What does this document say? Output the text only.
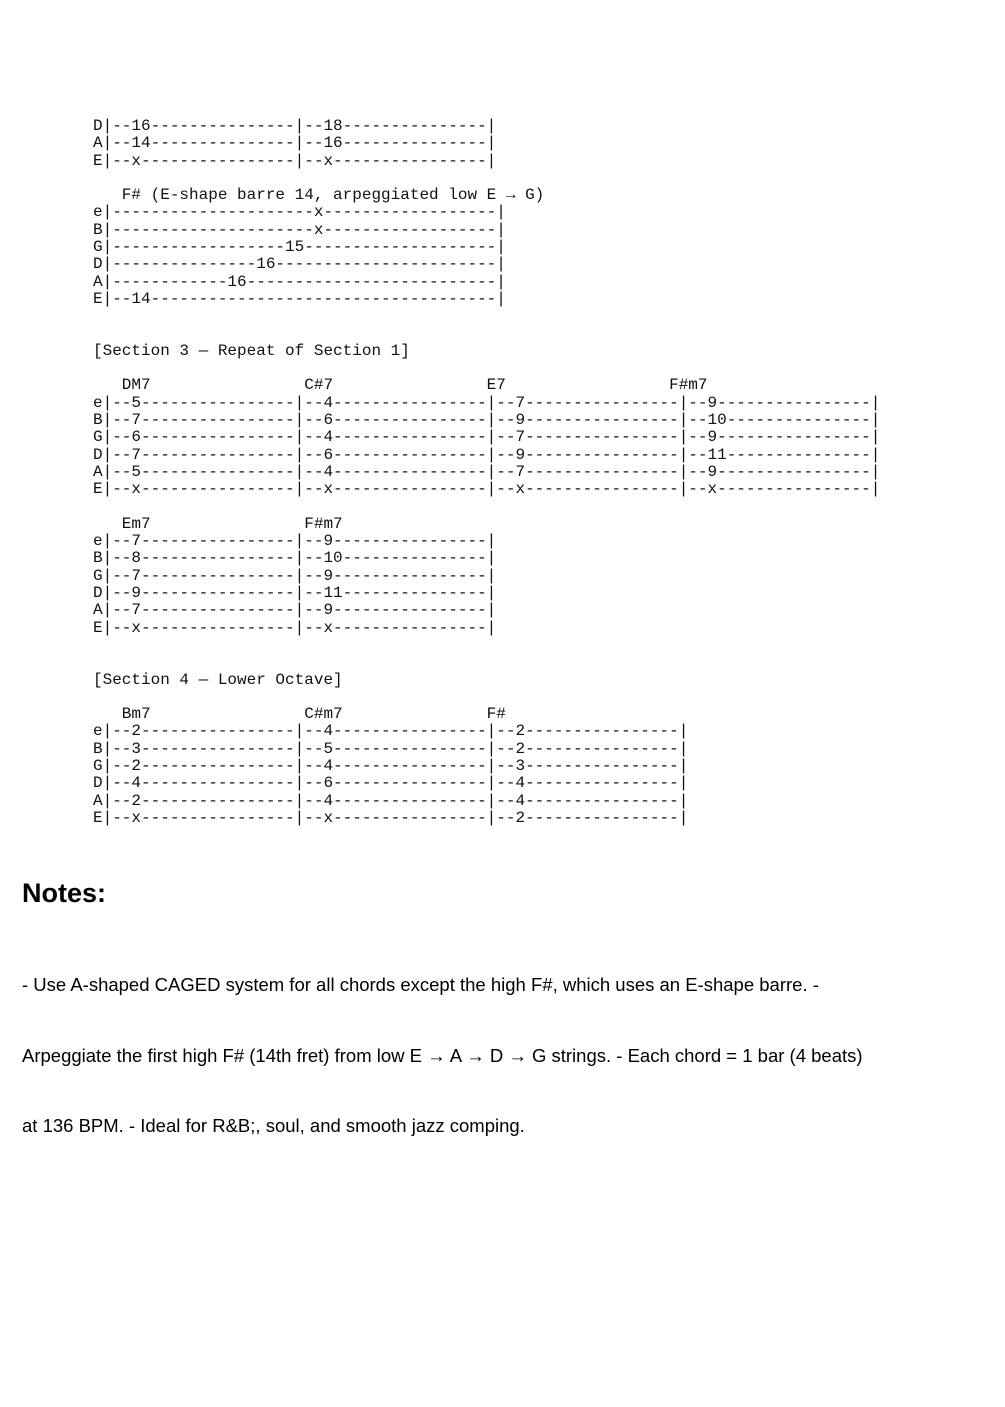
D|--16---------------|--18---------------|
A|--14---------------|--16---------------|
E|--x----------------|--x----------------|
F# (E-shape barre 14, arpeggiated low E → G)
e|---------------------x------------------|
B|---------------------x------------------|
G|------------------15--------------------|
D|---------------16-----------------------|
A|------------16--------------------------|
E|--14------------------------------------|
[Section 3 — Repeat of Section 1]
DM7                C#7                E7                 F#m7
e|--5----------------|--4----------------|--7----------------|--9----------------|
B|--7----------------|--6----------------|--9----------------|--10---------------|
G|--6----------------|--4----------------|--7----------------|--9----------------|
D|--7----------------|--6----------------|--9----------------|--11---------------|
A|--5----------------|--4----------------|--7----------------|--9----------------|
E|--x----------------|--x----------------|--x----------------|--x----------------|
Em7                F#m7
e|--7----------------|--9----------------|
B|--8----------------|--10---------------|
G|--7----------------|--9----------------|
D|--9----------------|--11---------------|
A|--7----------------|--9----------------|
E|--x----------------|--x----------------|
[Section 4 — Lower Octave]
Bm7                C#m7               F#
e|--2----------------|--4----------------|--2----------------|
B|--3----------------|--5----------------|--2----------------|
G|--2----------------|--4----------------|--3----------------|
D|--4----------------|--6----------------|--4----------------|
A|--2----------------|--4----------------|--4----------------|
E|--x----------------|--x----------------|--2----------------|
Notes:

- Use A-shaped CAGED system for all chords except the high F#, which uses an E-shape barre. -

Arpeggiate the first high F# (14th fret) from low E → A → D → G strings. - Each chord = 1 bar (4 beats)

at 136 BPM. - Ideal for R&B;, soul, and smooth jazz comping.
